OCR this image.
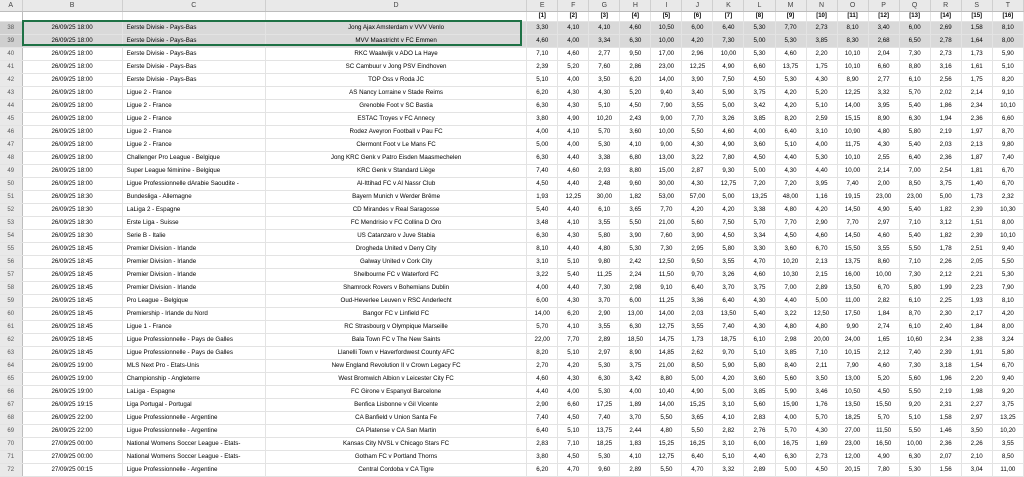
A	B	C	D	E	F	G	H	I	J	K	L	M	N	O	P	Q	R	S	T
				[1]	[2]	[3]	[4]	[5]	[6]	[7]	[8]	[9]	[10]	[11]	[12]	[13]	[14]	[15]	[16]
38	26/09/25 18:00	Eerste Divisie - Pays-Bas	Jong Ajax Amsterdam v VVV Venlo	3,30	4,10	4,10	4,60	10,50	6,00	6,40	5,30	7,70	2,73	8,10	3,40	6,00	2,69	1,58	8,10
39	26/09/25 18:00	Eerste Divisie - Pays-Bas	MVV Maastricht v FC Emmen	4,60	4,00	3,34	6,30	10,00	4,20	7,30	5,00	5,30	3,85	8,30	2,68	6,50	2,78	1,64	8,00
40	26/09/25 18:00	Eerste Divisie - Pays-Bas	RKC Waalwijk v ADO La Haye	7,10	4,60	2,77	9,50	17,00	2,96	10,00	5,30	4,60	2,20	10,10	2,04	7,30	2,73	1,73	5,90
41	26/09/25 18:00	Eerste Divisie - Pays-Bas	SC Cambuur v Jong PSV Eindhoven	2,39	5,20	7,60	2,86	23,00	12,25	4,90	6,60	13,75	1,75	10,10	6,60	8,80	3,16	1,61	5,10
42	26/09/25 18:00	Eerste Divisie - Pays-Bas	TOP Oss v Roda JC	5,10	4,00	3,50	6,20	14,00	3,90	7,50	4,50	5,30	4,30	8,90	2,77	6,10	2,56	1,75	8,20
43	26/09/25 18:00	Ligue 2 - France	AS Nancy Lorraine v Stade Reims	6,20	4,30	4,30	5,20	9,40	3,40	5,90	3,75	4,20	5,20	12,25	3,32	5,70	2,02	2,14	9,10
44	26/09/25 18:00	Ligue 2 - France	Grenoble Foot v SC Bastia	6,30	4,30	5,10	4,50	7,90	3,55	5,00	3,42	4,20	5,10	14,00	3,95	5,40	1,86	2,34	10,10
45	26/09/25 18:00	Ligue 2 - France	ESTAC Troyes v FC Annecy	3,80	4,90	10,20	2,43	9,00	7,70	3,26	3,85	8,20	2,59	15,15	8,90	6,30	1,94	2,36	6,60
46	26/09/25 18:00	Ligue 2 - France	Rodez Aveyron Football v Pau FC	4,00	4,10	5,70	3,60	10,00	5,50	4,60	4,00	6,40	3,10	10,90	4,80	5,80	2,19	1,97	8,70
47	26/09/25 18:00	Ligue 2 - France	Clermont Foot v Le Mans FC	5,00	4,00	5,30	4,10	9,00	4,30	4,90	3,60	5,10	4,00	11,75	4,30	5,40	2,03	2,13	9,80
48	26/09/25 18:00	Challenger Pro League - Belgique	Jong KRC Genk v Patro Eisden Maasmechelen	6,30	4,40	3,38	6,80	13,00	3,22	7,80	4,50	4,40	5,30	10,10	2,55	6,40	2,36	1,87	7,40
49	26/09/25 18:00	Super League féminine - Belgique	KRC Genk v Standard Liège	7,40	4,60	2,93	8,80	15,00	2,87	9,30	5,00	4,30	4,40	10,00	2,14	7,00	2,54	1,81	6,70
50	26/09/25 18:00	Ligue Professionnelle dArabie Saoudite -	Al-Ittihad FC v Al Nassr Club	4,50	4,40	2,48	9,60	30,00	4,30	12,75	7,20	7,20	3,95	7,40	2,00	8,50	3,75	1,40	6,70
51	26/09/25 18:30	Bundesliga - Allemagne	Bayern Munich v Werder Brême	1,93	12,25	30,00	1,82	53,00	57,00	5,00	13,25	48,00	1,16	19,15	23,00	23,00	5,00	1,73	2,32
52	26/09/25 18:30	LaLiga 2 - Espagne	CD Mirandes v Real Saragosse	5,40	4,40	6,10	3,65	7,70	4,20	4,20	3,38	4,80	4,20	14,50	4,90	5,40	1,82	2,39	10,30
53	26/09/25 18:30	Erste Liga - Suisse	FC Mendrisio v FC Collina D Oro	3,48	4,10	3,55	5,50	21,00	5,60	7,50	5,70	7,70	2,90	7,70	2,97	7,10	3,12	1,51	8,00
54	26/09/25 18:30	Serie B - Italie	US Catanzaro v Juve Stabia	6,30	4,30	5,80	3,90	7,60	3,90	4,50	3,34	4,50	4,60	14,50	4,60	5,40	1,82	2,39	10,10
55	26/09/25 18:45	Premier Division - Irlande	Drogheda United v Derry City	8,10	4,40	4,80	5,30	7,30	2,95	5,80	3,30	3,60	6,70	15,50	3,55	5,50	1,78	2,51	9,40
56	26/09/25 18:45	Premier Division - Irlande	Galway United v Cork City	3,10	5,10	9,80	2,42	12,50	9,50	3,55	4,70	10,20	2,13	13,75	8,60	7,10	2,26	2,05	5,50
57	26/09/25 18:45	Premier Division - Irlande	Shelbourne FC v Waterford FC	3,22	5,40	11,25	2,24	11,50	9,70	3,26	4,60	10,30	2,15	16,00	10,00	7,30	2,12	2,21	5,30
58	26/09/25 18:45	Premier Division - Irlande	Shamrock Rovers v Bohemians Dublin	4,00	4,40	7,30	2,98	9,10	6,40	3,70	3,75	7,00	2,89	13,50	6,70	5,80	1,99	2,23	7,90
59	26/09/25 18:45	Pro League - Belgique	Oud-Heverlee Leuven v RSC Anderlecht	6,00	4,30	3,70	6,00	11,25	3,36	6,40	4,30	4,40	5,00	11,00	2,82	6,10	2,25	1,93	8,10
60	26/09/25 18:45	Premiership - Irlande du Nord	Bangor FC v Linfield FC	14,00	6,20	2,90	13,00	14,00	2,03	13,50	5,40	3,22	12,50	17,50	1,84	8,70	2,30	2,17	4,20
61	26/09/25 18:45	Ligue 1 - France	RC Strasbourg v Olympique Marseille	5,70	4,10	3,55	6,30	12,75	3,55	7,40	4,30	4,80	4,80	9,90	2,74	6,10	2,40	1,84	8,00
62	26/09/25 18:45	Ligue Professionnelle - Pays de Galles	Bala Town FC v The New Saints	22,00	7,70	2,89	18,50	14,75	1,73	18,75	6,10	2,98	20,00	24,00	1,65	10,60	2,34	2,38	3,24
63	26/09/25 18:45	Ligue Professionnelle - Pays de Galles	Llanelli Town v Haverfordwest County AFC	8,20	5,10	2,97	8,90	14,85	2,62	9,70	5,10	3,85	7,10	10,15	2,12	7,40	2,39	1,91	5,80
64	26/09/25 19:00	MLS Next Pro - Etats-Unis	New England Revolution II v Crown Legacy FC	2,70	4,20	5,30	3,75	21,00	8,50	5,90	5,80	8,40	2,11	7,90	4,60	7,30	3,18	1,54	6,70
65	26/09/25 19:00	Championship - Angleterre	West Bromwich Albion v Leicester City FC	4,60	4,30	6,30	3,42	8,80	5,00	4,20	3,60	5,60	3,50	13,00	5,20	5,60	1,96	2,20	9,40
66	26/09/25 19:00	LaLiga - Espagne	FC Girone v Espanyol Barcelone	4,40	4,00	5,30	4,00	10,40	4,90	5,00	3,85	5,90	3,46	10,50	4,50	5,50	2,19	1,98	9,20
67	26/09/25 19:15	Liga Portugal - Portugal	Benfica Lisbonne v Gil Vicente	2,90	6,60	17,25	1,89	14,00	15,25	3,10	5,60	15,90	1,76	13,50	15,50	9,20	2,31	2,27	3,75
68	26/09/25 22:00	Ligue Professionnelle - Argentine	CA Banfield v Union Santa Fe	7,40	4,50	7,40	3,70	5,50	3,65	4,10	2,83	4,00	5,70	18,25	5,70	5,10	1,58	2,97	13,25
69	26/09/25 22:00	Ligue Professionnelle - Argentine	CA Platense v CA San Martin	6,40	5,10	13,75	2,44	4,80	5,50	2,82	2,76	5,70	4,30	27,00	11,50	5,50	1,46	3,50	10,20
70	27/09/25 00:00	National Womens Soccer League - Etats-	Kansas City NVSL v Chicago Stars FC	2,83	7,10	18,25	1,83	15,25	16,25	3,10	6,00	16,75	1,69	23,00	16,50	10,00	2,36	2,26	3,55
71	27/09/25 00:00	National Womens Soccer League - Etats-	Gotham FC v Portland Thorns	3,80	4,50	5,30	4,10	12,75	6,40	5,10	4,40	6,30	2,73	12,00	4,90	6,30	2,07	2,10	8,50
72	27/09/25 00:15	Ligue Professionnelle - Argentine	Central Cordoba v CA Tigre	6,20	4,70	9,60	2,89	5,50	4,70	3,32	2,89	5,00	4,50	20,15	7,80	5,30	1,56	3,04	11,00
